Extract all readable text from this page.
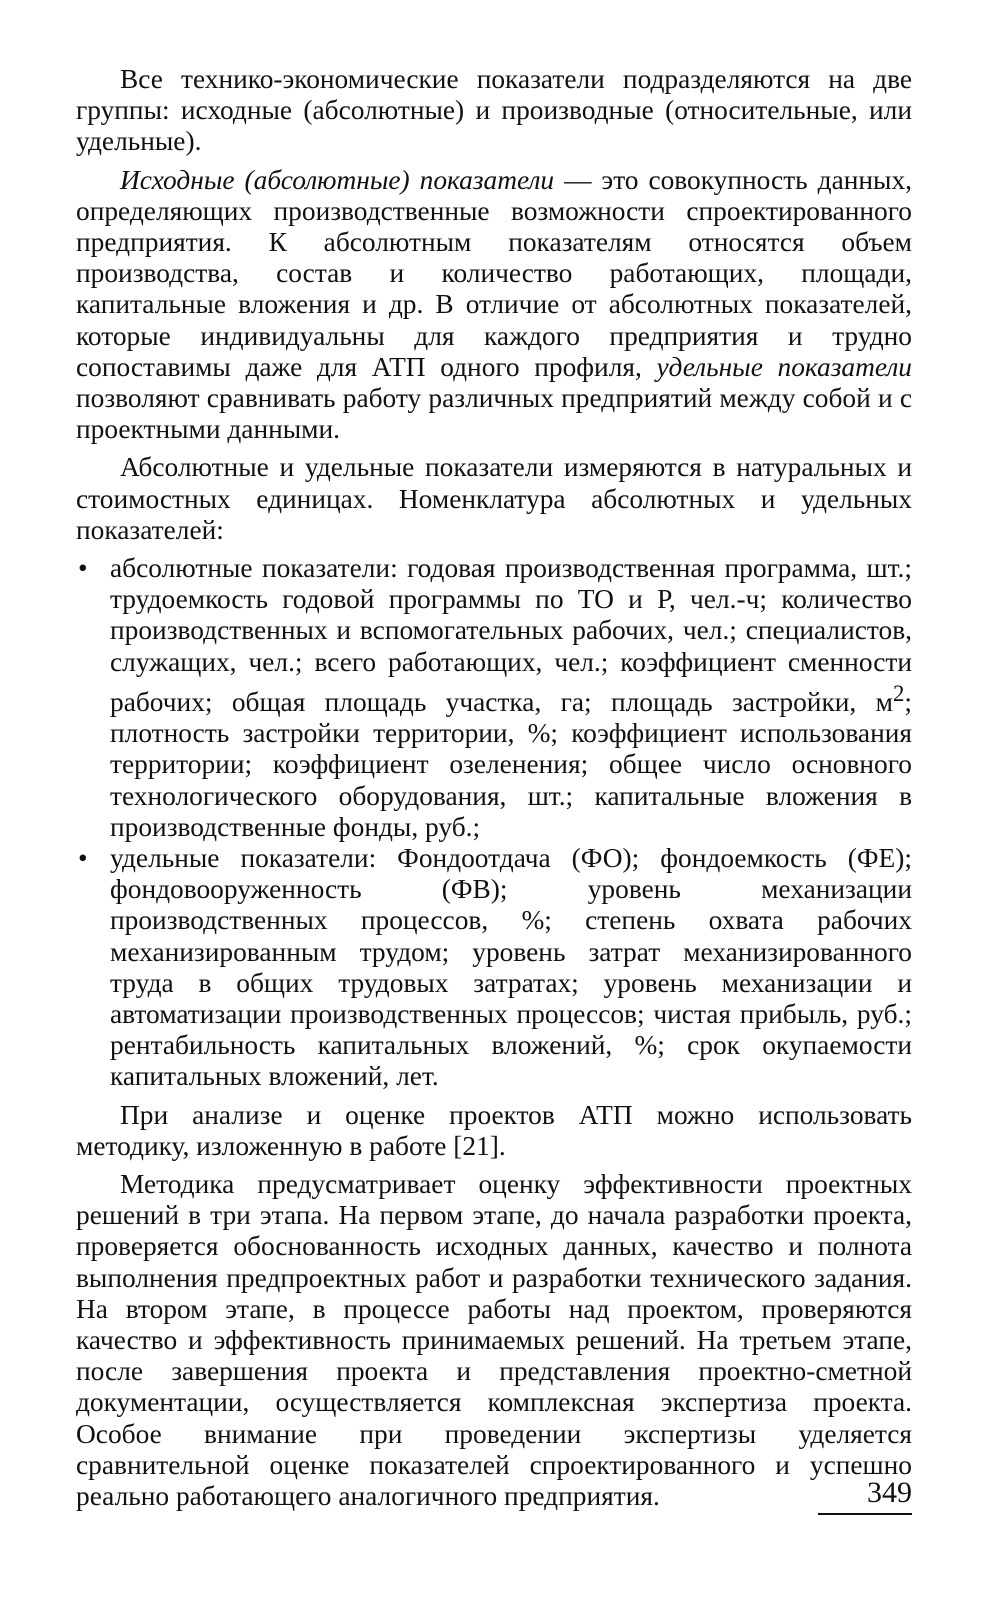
Все технико-экономические показатели подразделяются на две группы: исходные (абсолютные) и производные (относительные, или удельные).

Исходные (абсолютные) показатели — это совокупность данных, определяющих производственные возможности спроектированного предприятия. К абсолютным показателям относятся объем производства, состав и количество работающих, площади, капитальные вложения и др. В отличие от абсолютных показателей, которые индивидуальны для каждого предприятия и трудно сопоставимы даже для АТП одного профиля, удельные показатели позволяют сравнивать работу различных предприятий между собой и с проектными данными.

Абсолютные и удельные показатели измеряются в натуральных и стоимостных единицах. Номенклатура абсолютных и удельных показателей:

• абсолютные показатели: годовая производственная программа, шт.; трудоемкость годовой программы по ТО и Р, чел.-ч; количество производственных и вспомогательных рабочих, чел.; специалистов, служащих, чел.; всего работающих, чел.; коэффициент сменности рабочих; общая площадь участка, га; площадь застройки, $м^2$; плотность застройки территории, %; коэффициент использования территории; коэффициент озеленения; общее число основного технологического оборудования, шт.; капитальные вложения в производственные фонды, руб.;
• удельные показатели: Фондоотдача (ФО); фондоемкость (ФЕ); фондовооруженность (ФВ); уровень механизации производственных процессов, %; степень охвата рабочих механизированным трудом; уровень затрат механизированного труда в общих трудовых затратах; уровень механизации и автоматизации производственных процессов; чистая прибыль, руб.; рентабильность капитальных вложений, %; срок окупаемости капитальных вложений, лет.

При анализе и оценке проектов АТП можно использовать методику, изложенную в работе [21].

Методика предусматривает оценку эффективности проектных решений в три этапа. На первом этапе, до начала разработки проекта, проверяется обоснованность исходных данных, качество и полнота выполнения предпроектных работ и разработки технического задания. На втором этапе, в процессе работы над проектом, проверяются качество и эффективность принимаемых решений. На третьем этапе, после завершения проекта и представления проектно-сметной документации, осуществляется комплексная экспертиза проекта. Особое внимание при проведении экспертизы уделяется сравнительной оценке показателей спроектированного и успешно реально работающего аналогичного предприятия.	349
